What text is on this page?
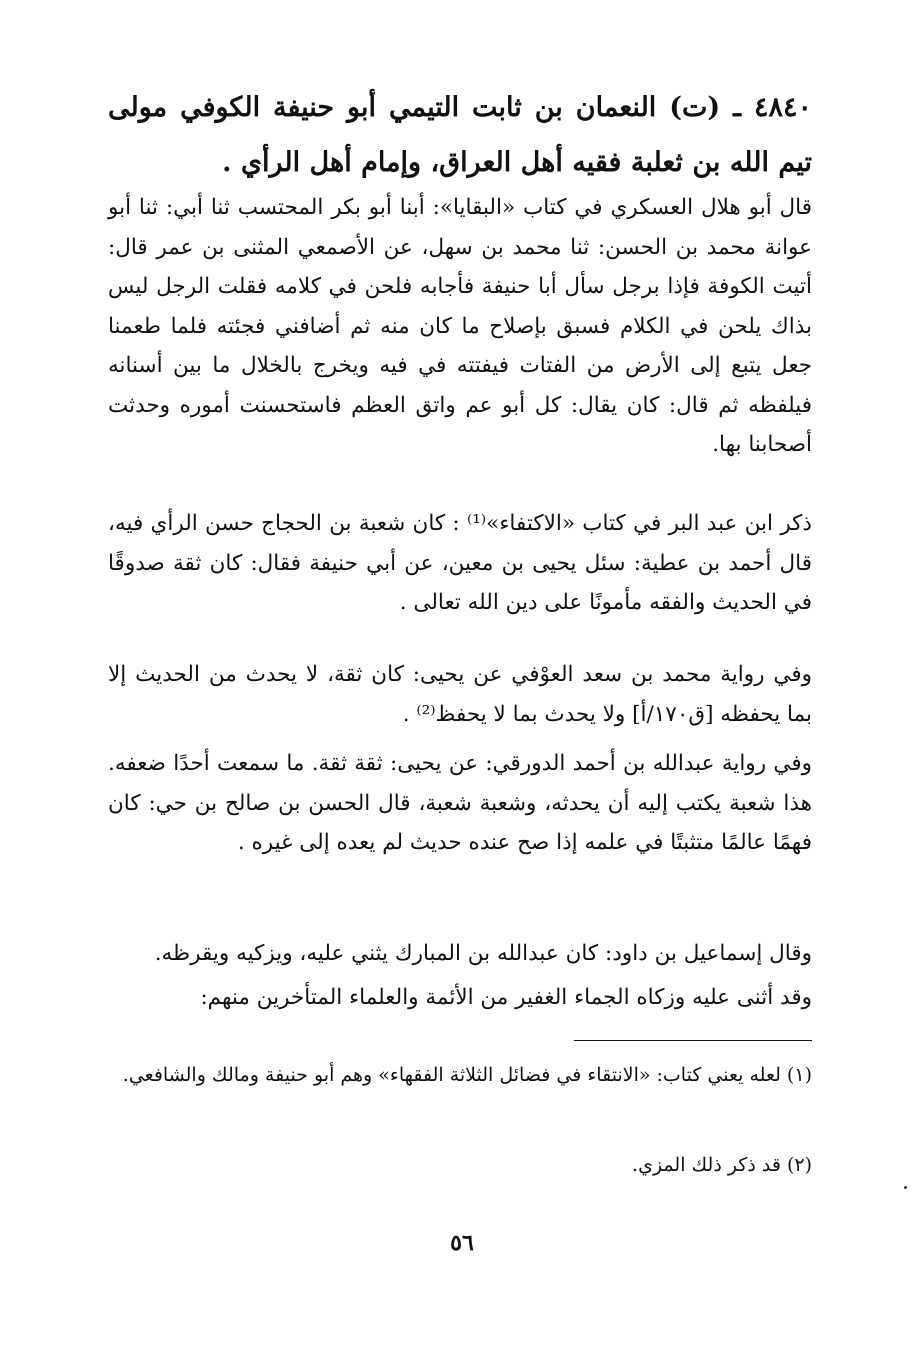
٤٨٤٠ ـ (ت) النعمان بن ثابت التيمي أبو حنيفة الكوفي مولى تيم الله بن ثعلبة فقيه أهل العراق، وإمام أهل الرأي .
قال أبو هلال العسكري في كتاب «البقايا»: أبنا أبو بكر المحتسب ثنا أبي: ثنا أبو عوانة محمد بن الحسن: ثنا محمد بن سهل، عن الأصمعي المثنى بن عمر قال: أتيت الكوفة فإذا برجل سأل أبا حنيفة فأجابه فلحن في كلامه فقلت الرجل ليس بذاك يلحن في الكلام فسبق بإصلاح ما كان منه ثم أضافني فجئته فلما طعمنا جعل يتبع إلى الأرض من الفتات فيفتته في فيه ويخرج بالخلال ما بين أسنانه فيلفظه ثم قال: كان يقال: كل أبو عم واتق العظم فاستحسنت أموره وحدثت أصحابنا بها.
ذكر ابن عبد البر في كتاب «الاكتفاء»⁽¹⁾ : كان شعبة بن الحجاج حسن الرأي فيه، قال أحمد بن عطية: سئل يحيى بن معين، عن أبي حنيفة فقال: كان ثقة صدوقًا في الحديث والفقه مأمونًا على دين الله تعالى .
وفي رواية محمد بن سعد العوْفي عن يحيى: كان ثقة، لا يحدث من الحديث إلا بما يحفظه [ق١٧٠/أ] ولا يحدث بما لا يحفظ⁽²⁾ .
وفي رواية عبدالله بن أحمد الدورقي: عن يحيى: ثقة ثقة. ما سمعت أحدًا ضعفه. هذا شعبة يكتب إليه أن يحدثه، وشعبة شعبة، قال الحسن بن صالح بن حي: كان فهمًا عالمًا متثبتًا في علمه إذا صح عنده حديث لم يعده إلى غيره .
وقال إسماعيل بن داود: كان عبدالله بن المبارك يثني عليه، ويزكيه ويقرظه.
وقد أثنى عليه وزكاه الجماء الغفير من الأئمة والعلماء المتأخرين منهم:
(١) لعله يعني كتاب: «الانتقاء في فضائل الثلاثة الفقهاء» وهم أبو حنيفة ومالك والشافعي.
(٢) قد ذكر ذلك المزي.
٥٦
